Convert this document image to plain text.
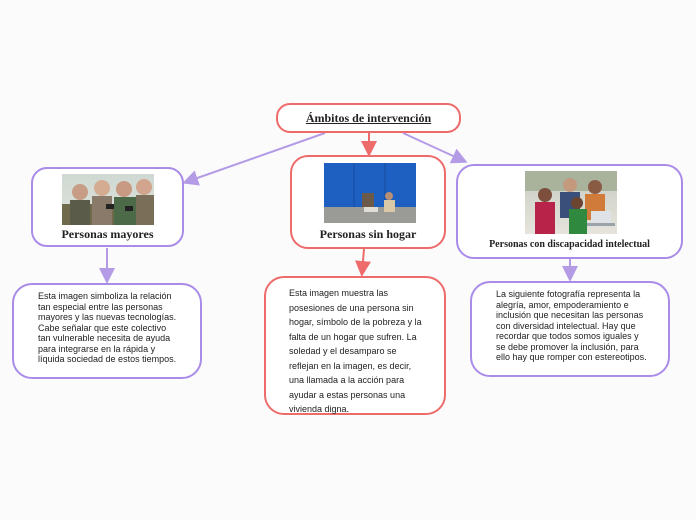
Ámbitos de intervención
Personas mayores	Personas sin hogar
Personas con discapacidad intelectual
Esta imagen simboliza la relación tan especial entre las personas mayores y las nuevas tecnologías. Cabe señalar que este colectivo tan vulnerable necesita de ayuda para integrarse en la rápida y líquida sociedad de estos tiempos.
Esta imagen muestra las posesiones de una persona sin hogar, símbolo de la pobreza y la falta de un hogar que sufren. La soledad y el desamparo se reflejan en la imagen, es decir, una llamada a la acción para ayudar a estas personas una vivienda digna.
La siguiente fotografía representa la alegría, amor, empoderamiento e inclusión que necesitan las personas con diversidad intelectual. Hay que recordar que todos somos iguales y se debe promover la inclusión, para ello hay que romper con estereotipos.
